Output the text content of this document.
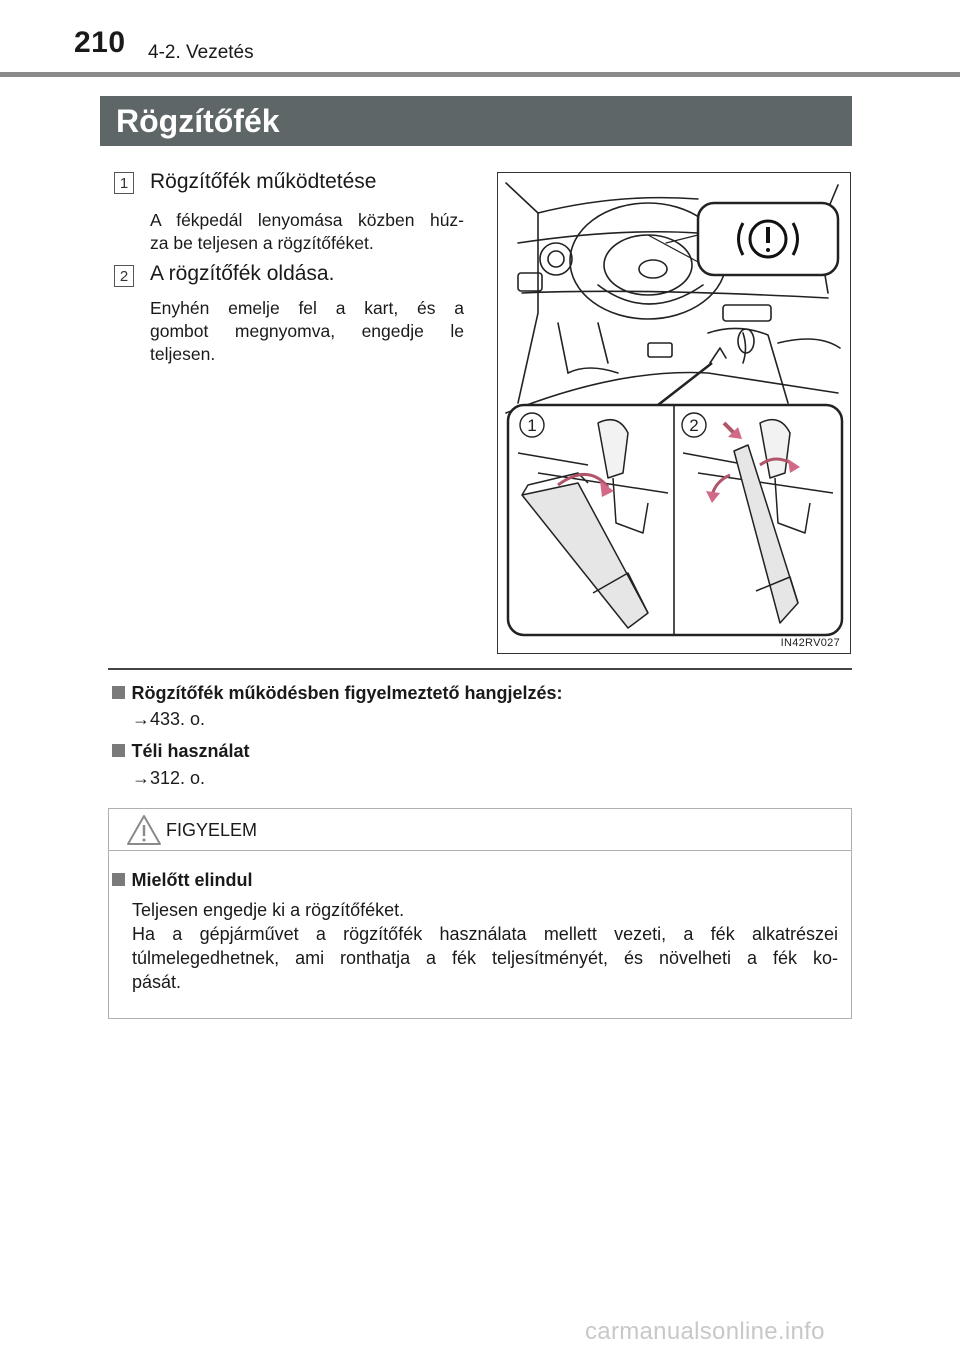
210 4-2. Vezetés
Rögzítőfék
1 Rögzítőfék működtetése
A fékpedál lenyomása közben húz-
za be teljesen a rögzítőféket.
2 A rögzítőfék oldása.
Enyhén emelje fel a kart, és a
gombot megnyomva, engedje le
teljesen.
1	2
IN42RV027
Rögzítőfék működésben figyelmeztető hangjelzés:
→433. o.
Téli használat
→312. o.
FIGYELEM
Mielőtt elindul
Teljesen engedje ki a rögzítőféket.
Ha a gépjárművet a rögzítőfék használata mellett vezeti, a fék alkatrészei
túlmelegedhetnek, ami ronthatja a fék teljesítményét, és növelheti a fék ko-
pását.
carmanualsonline.info
